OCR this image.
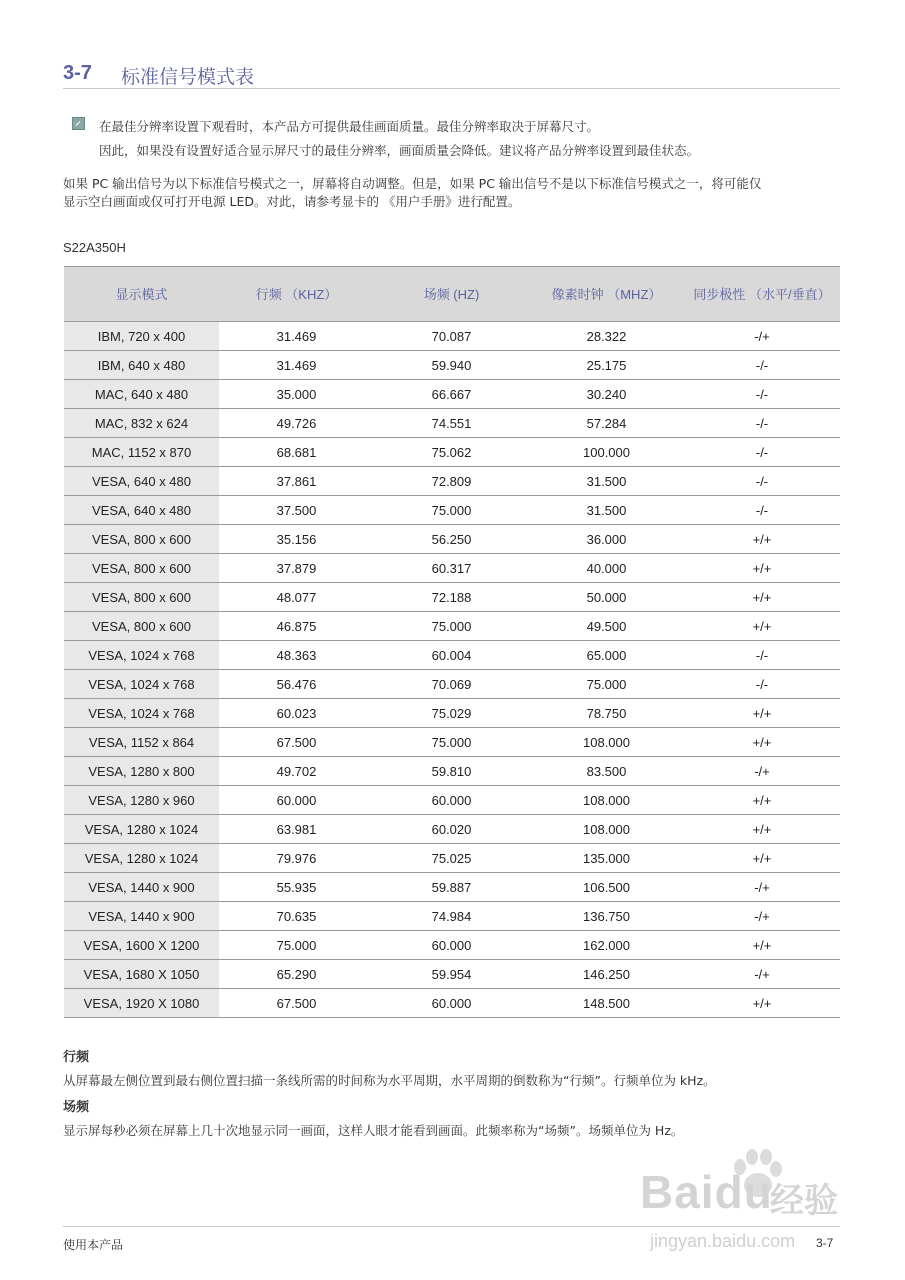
3-7 标准信号模式表
在最佳分辨率设置下观看时，本产品方可提供最佳画面质量。最佳分辨率取决于屏幕尺寸。
因此，如果没有设置好适合显示屏尺寸的最佳分辨率，画面质量会降低。建议将产品分辨率设置到最佳状态。
如果 PC 输出信号为以下标准信号模式之一，屏幕将自动调整。但是，如果 PC 输出信号不是以下标准信号模式之一，将可能仅
显示空白画面或仅可打开电源 LED。对此，请参考显卡的 《用户手册》进行配置。
S22A350H
显示模式	行频 （KHZ）	场频 (HZ)	像素时钟 （MHZ）	同步极性 （水平/垂直）
IBM, 720 x 400	31.469	70.087	28.322	-/+
IBM, 640 x 480	31.469	59.940	25.175	-/-
MAC, 640 x 480	35.000	66.667	30.240	-/-
MAC, 832 x 624	49.726	74.551	57.284	-/-
MAC, 1152 x 870	68.681	75.062	100.000	-/-
VESA, 640 x 480	37.861	72.809	31.500	-/-
VESA, 640 x 480	37.500	75.000	31.500	-/-
VESA, 800 x 600	35.156	56.250	36.000	+/+
VESA, 800 x 600	37.879	60.317	40.000	+/+
VESA, 800 x 600	48.077	72.188	50.000	+/+
VESA, 800 x 600	46.875	75.000	49.500	+/+
VESA, 1024 x 768	48.363	60.004	65.000	-/-
VESA, 1024 x 768	56.476	70.069	75.000	-/-
VESA, 1024 x 768	60.023	75.029	78.750	+/+
VESA, 1152 x 864	67.500	75.000	108.000	+/+
VESA, 1280 x 800	49.702	59.810	83.500	-/+
VESA, 1280 x 960	60.000	60.000	108.000	+/+
VESA, 1280 x 1024	63.981	60.020	108.000	+/+
VESA, 1280 x 1024	79.976	75.025	135.000	+/+
VESA, 1440 x 900	55.935	59.887	106.500	-/+
VESA, 1440 x 900	70.635	74.984	136.750	-/+
VESA, 1600 X 1200	75.000	60.000	162.000	+/+
VESA, 1680 X 1050	65.290	59.954	146.250	-/+
VESA, 1920 X 1080	67.500	60.000	148.500	+/+
行频
从屏幕最左侧位置到最右侧位置扫描一条线所需的时间称为水平周期，水平周期的倒数称为“行频”。行频单位为 kHz。
场频
显示屏每秒必须在屏幕上几十次地显示同一画面，这样人眼才能看到画面。此频率称为“场频”。场频单位为 Hz。
Baidu
经验
jingyan.baidu.com
使用本产品	3-7
